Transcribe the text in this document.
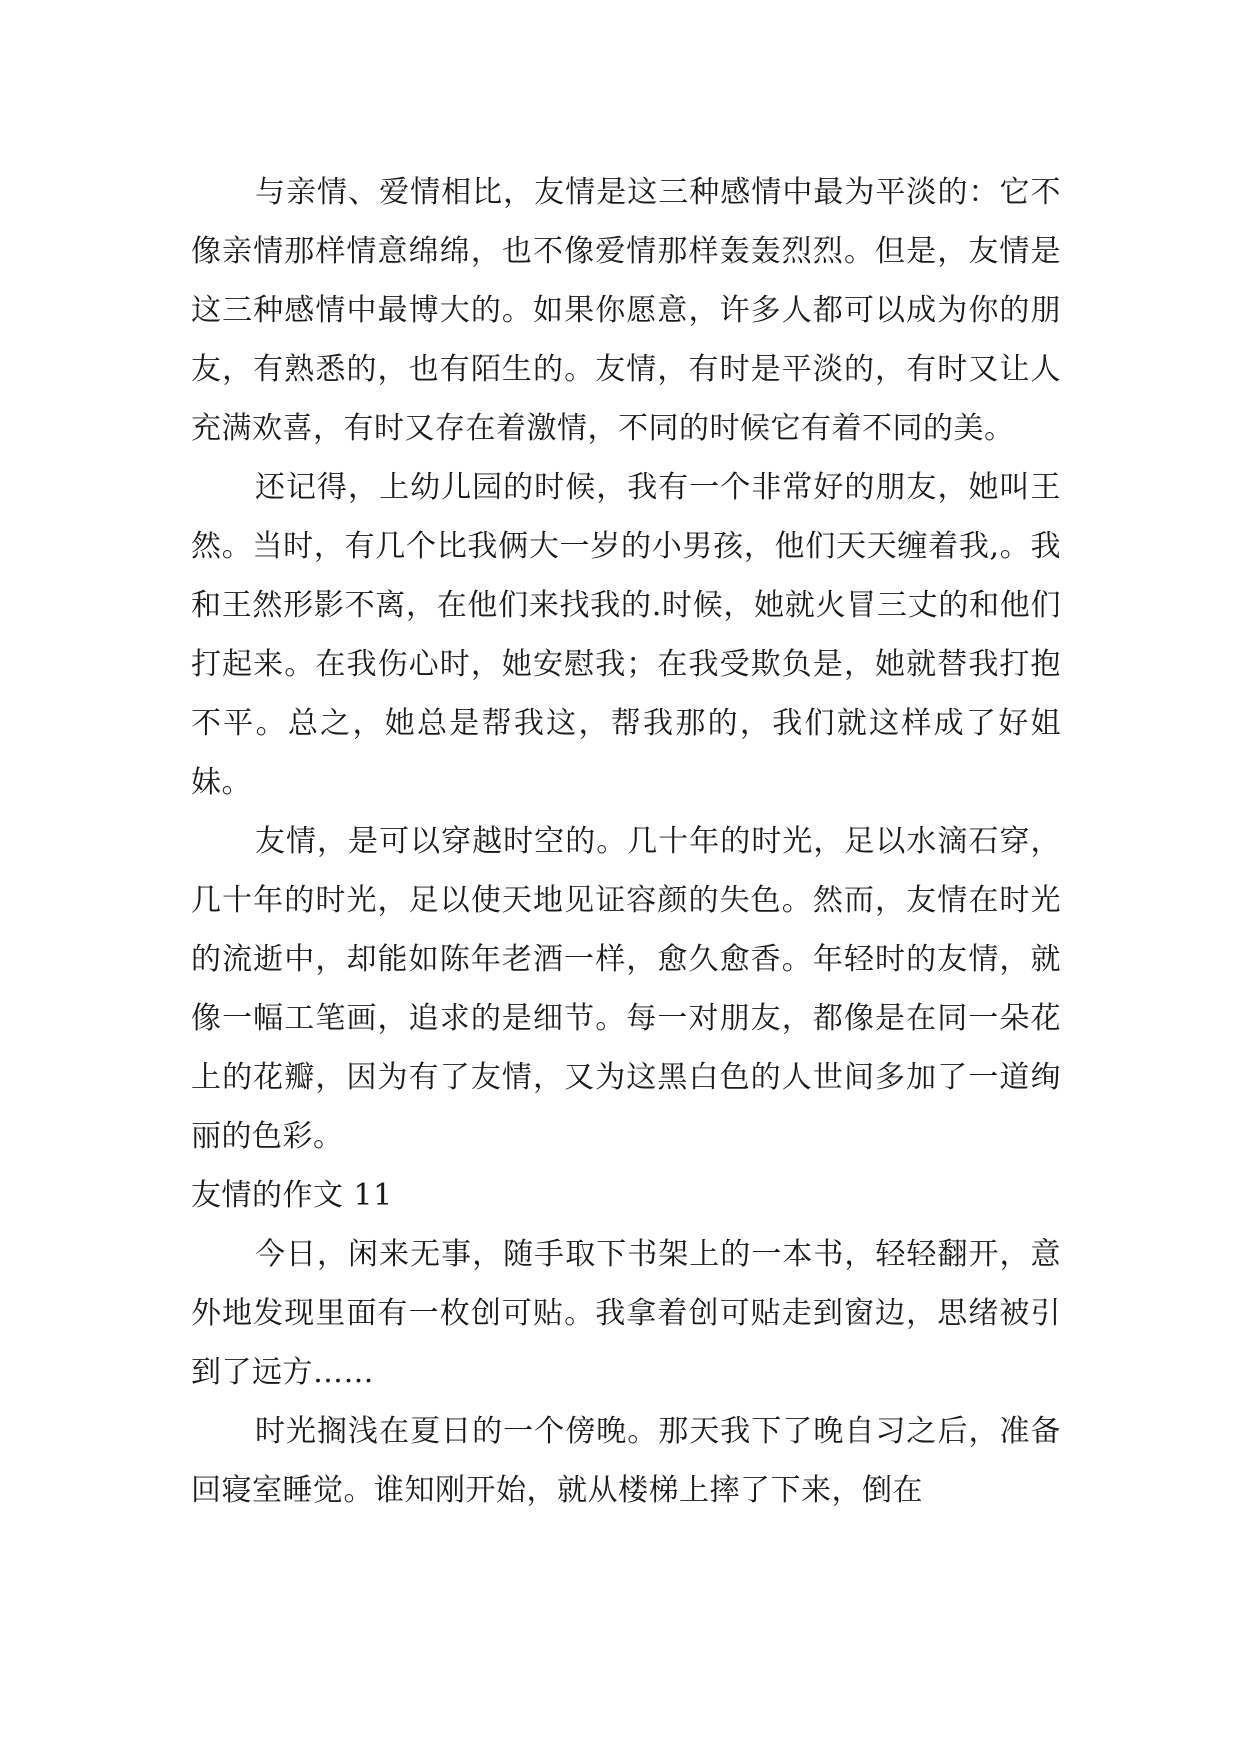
与亲情、爱情相比，友情是这三种感情中最为平淡的：它不像亲情那样情意绵绵，也不像爱情那样轰轰烈烈。但是，友情是这三种感情中最博大的。如果你愿意，许多人都可以成为你的朋友，有熟悉的，也有陌生的。友情，有时是平淡的，有时又让人充满欢喜，有时又存在着激情，不同的时候它有着不同的美。

还记得，上幼儿园的时候，我有一个非常好的朋友，她叫王然。当时，有几个比我俩大一岁的小男孩，他们天天缠着我,。我和王然形影不离，在他们来找我的.时候，她就火冒三丈的和他们打起来。在我伤心时，她安慰我；在我受欺负是，她就替我打抱不平。总之，她总是帮我这，帮我那的，我们就这样成了好姐妹。

友情，是可以穿越时空的。几十年的时光，足以水滴石穿，几十年的时光，足以使天地见证容颜的失色。然而，友情在时光的流逝中，却能如陈年老酒一样，愈久愈香。年轻时的友情，就像一幅工笔画，追求的是细节。每一对朋友，都像是在同一朵花上的花瓣，因为有了友情，又为这黑白色的人世间多加了一道绚丽的色彩。

友情的作文 11

今日，闲来无事，随手取下书架上的一本书，轻轻翻开，意外地发现里面有一枚创可贴。我拿着创可贴走到窗边，思绪被引到了远方……

时光搁浅在夏日的一个傍晚。那天我下了晚自习之后，准备回寝室睡觉。谁知刚开始，就从楼梯上摔了下来，倒在
